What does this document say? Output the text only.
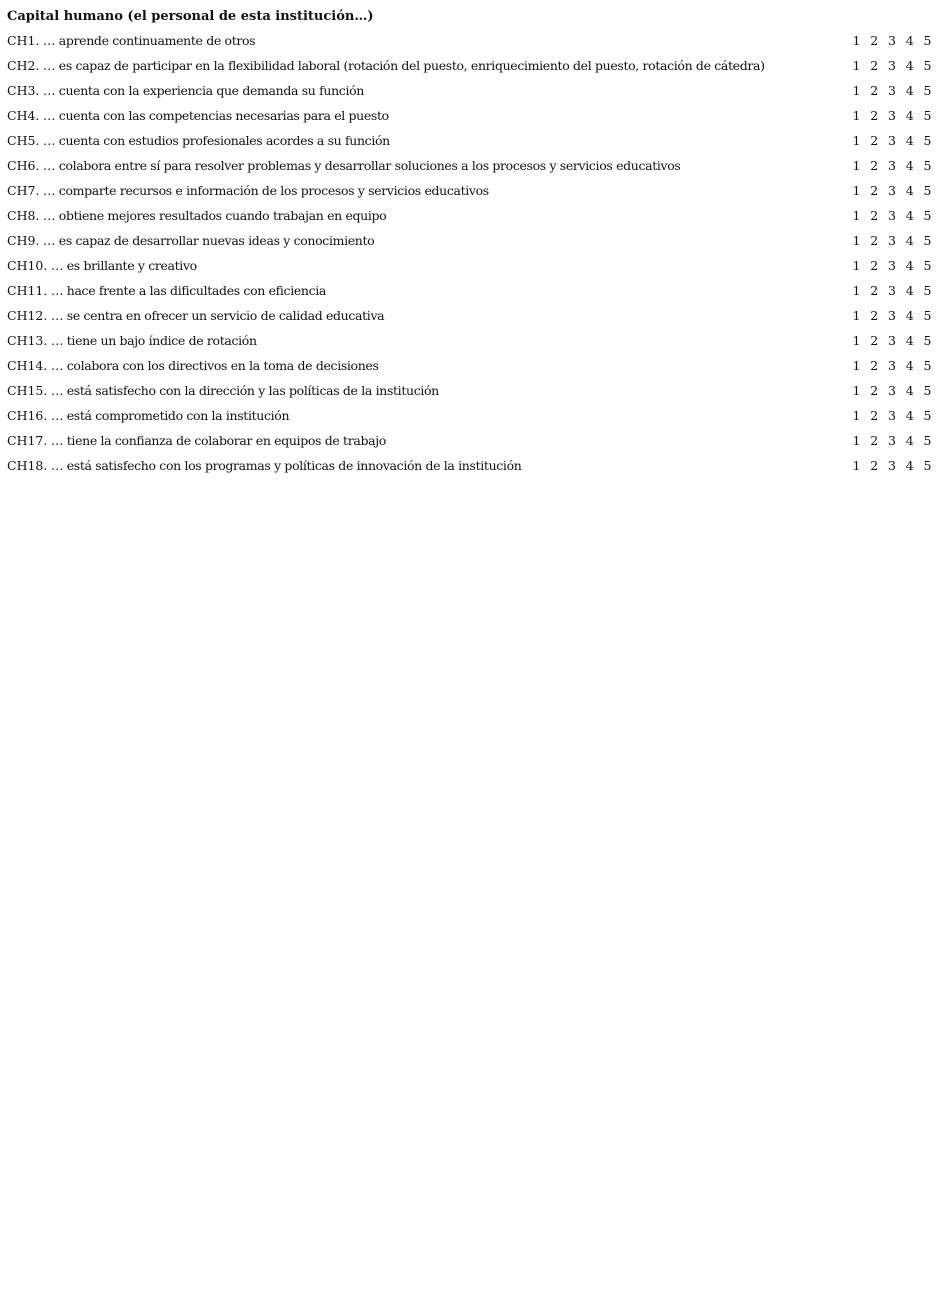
Capital humano (el personal de esta institución…)
CH1. … aprende continuamente de otros	1 2 3 4 5
CH2. … es capaz de participar en la flexibilidad laboral (rotación del puesto, enriquecimiento del puesto, rotación de cátedra)	1 2 3 4 5
CH3. … cuenta con la experiencia que demanda su función	1 2 3 4 5
CH4. … cuenta con las competencias necesarias para el puesto	1 2 3 4 5
CH5. … cuenta con estudios profesionales acordes a su función	1 2 3 4 5
CH6. … colabora entre sí para resolver problemas y desarrollar soluciones a los procesos y servicios educativos	1 2 3 4 5
CH7. … comparte recursos e información de los procesos y servicios educativos	1 2 3 4 5
CH8. … obtiene mejores resultados cuando trabajan en equipo	1 2 3 4 5
CH9. … es capaz de desarrollar nuevas ideas y conocimiento	1 2 3 4 5
CH10. … es brillante y creativo	1 2 3 4 5
CH11. … hace frente a las dificultades con eficiencia	1 2 3 4 5
CH12. … se centra en ofrecer un servicio de calidad educativa	1 2 3 4 5
CH13. … tiene un bajo índice de rotación	1 2 3 4 5
CH14. … colabora con los directivos en la toma de decisiones	1 2 3 4 5
CH15. … está satisfecho con la dirección y las políticas de la institución	1 2 3 4 5
CH16. … está comprometido con la institución	1 2 3 4 5
CH17. … tiene la confianza de colaborar en equipos de trabajo	1 2 3 4 5
CH18. … está satisfecho con los programas y políticas de innovación de la institución	1 2 3 4 5
